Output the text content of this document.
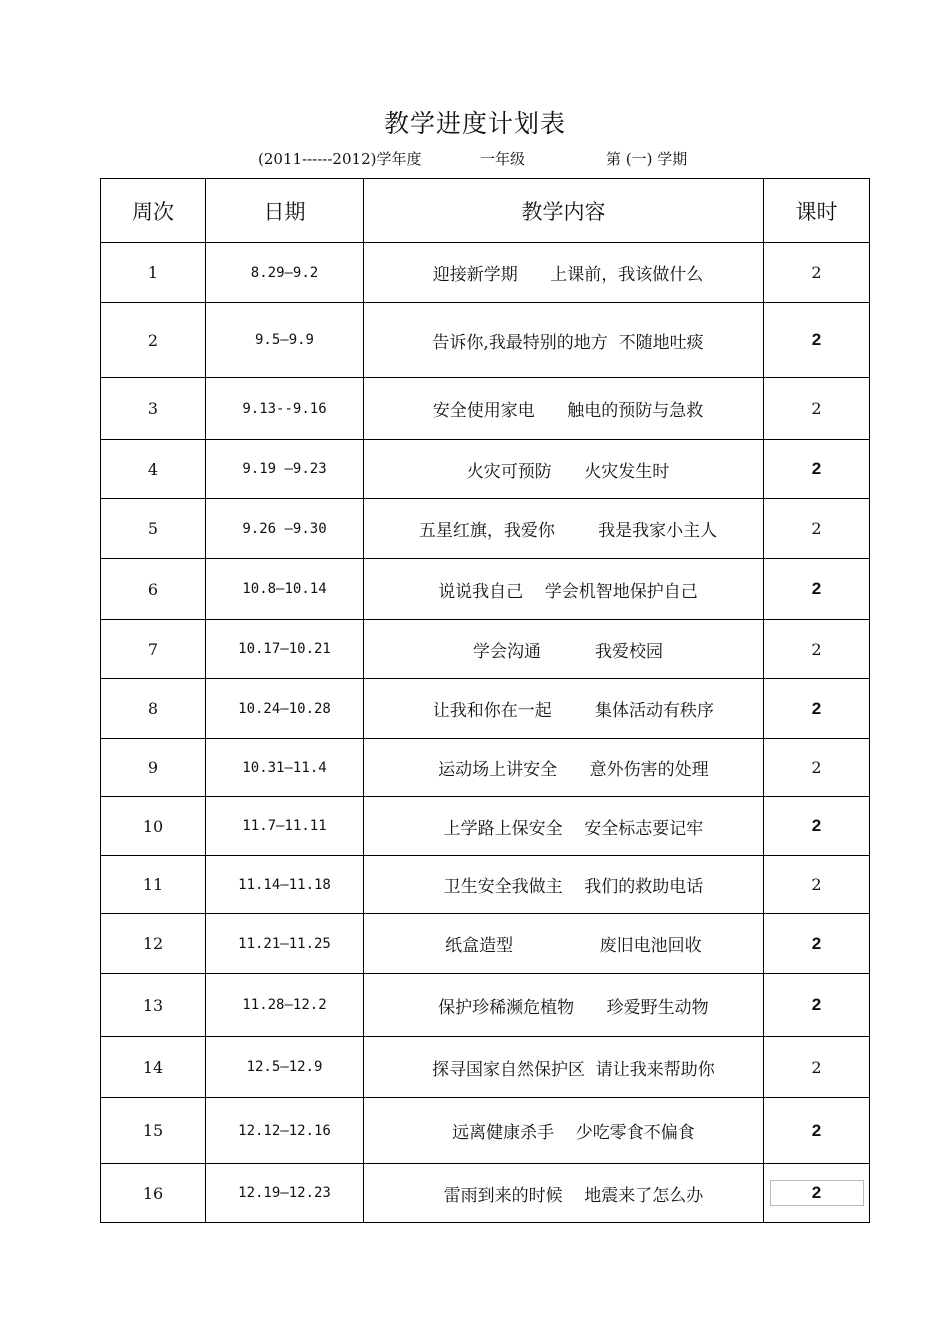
教学进度计划表
(2011------2012)学年度	一年级	第 (一) 学期
周次	日期	教学内容	课时
1	8.29—9.2	迎接新学期      上课前，我该做什么	2
2	9.5—9.9	告诉你,我最特别的地方  不随地吐痰	2
3	9.13--9.16	安全使用家电      触电的预防与急救	2
4	9.19 –9.23	火灾可预防      火灾发生时	2
5	9.26 –9.30	五星红旗，我爱你        我是我家小主人	2
6	10.8—10.14	说说我自己    学会机智地保护自己	2
7	10.17—10.21	学会沟通          我爱校园	2
8	10.24—10.28	让我和你在一起        集体活动有秩序	2
9	10.31—11.4	运动场上讲安全      意外伤害的处理	2
10	11.7—11.11	上学路上保安全    安全标志要记牢	2
11	11.14—11.18	卫生安全我做主    我们的救助电话	2
12	11.21—11.25	纸盒造型                废旧电池回收	2
13	11.28—12.2	保护珍稀濒危植物      珍爱野生动物	2
14	12.5—12.9	探寻国家自然保护区  请让我来帮助你	2
15	12.12—12.16	远离健康杀手    少吃零食不偏食	2
16	12.19—12.23	雷雨到来的时候    地震来了怎么办	2
